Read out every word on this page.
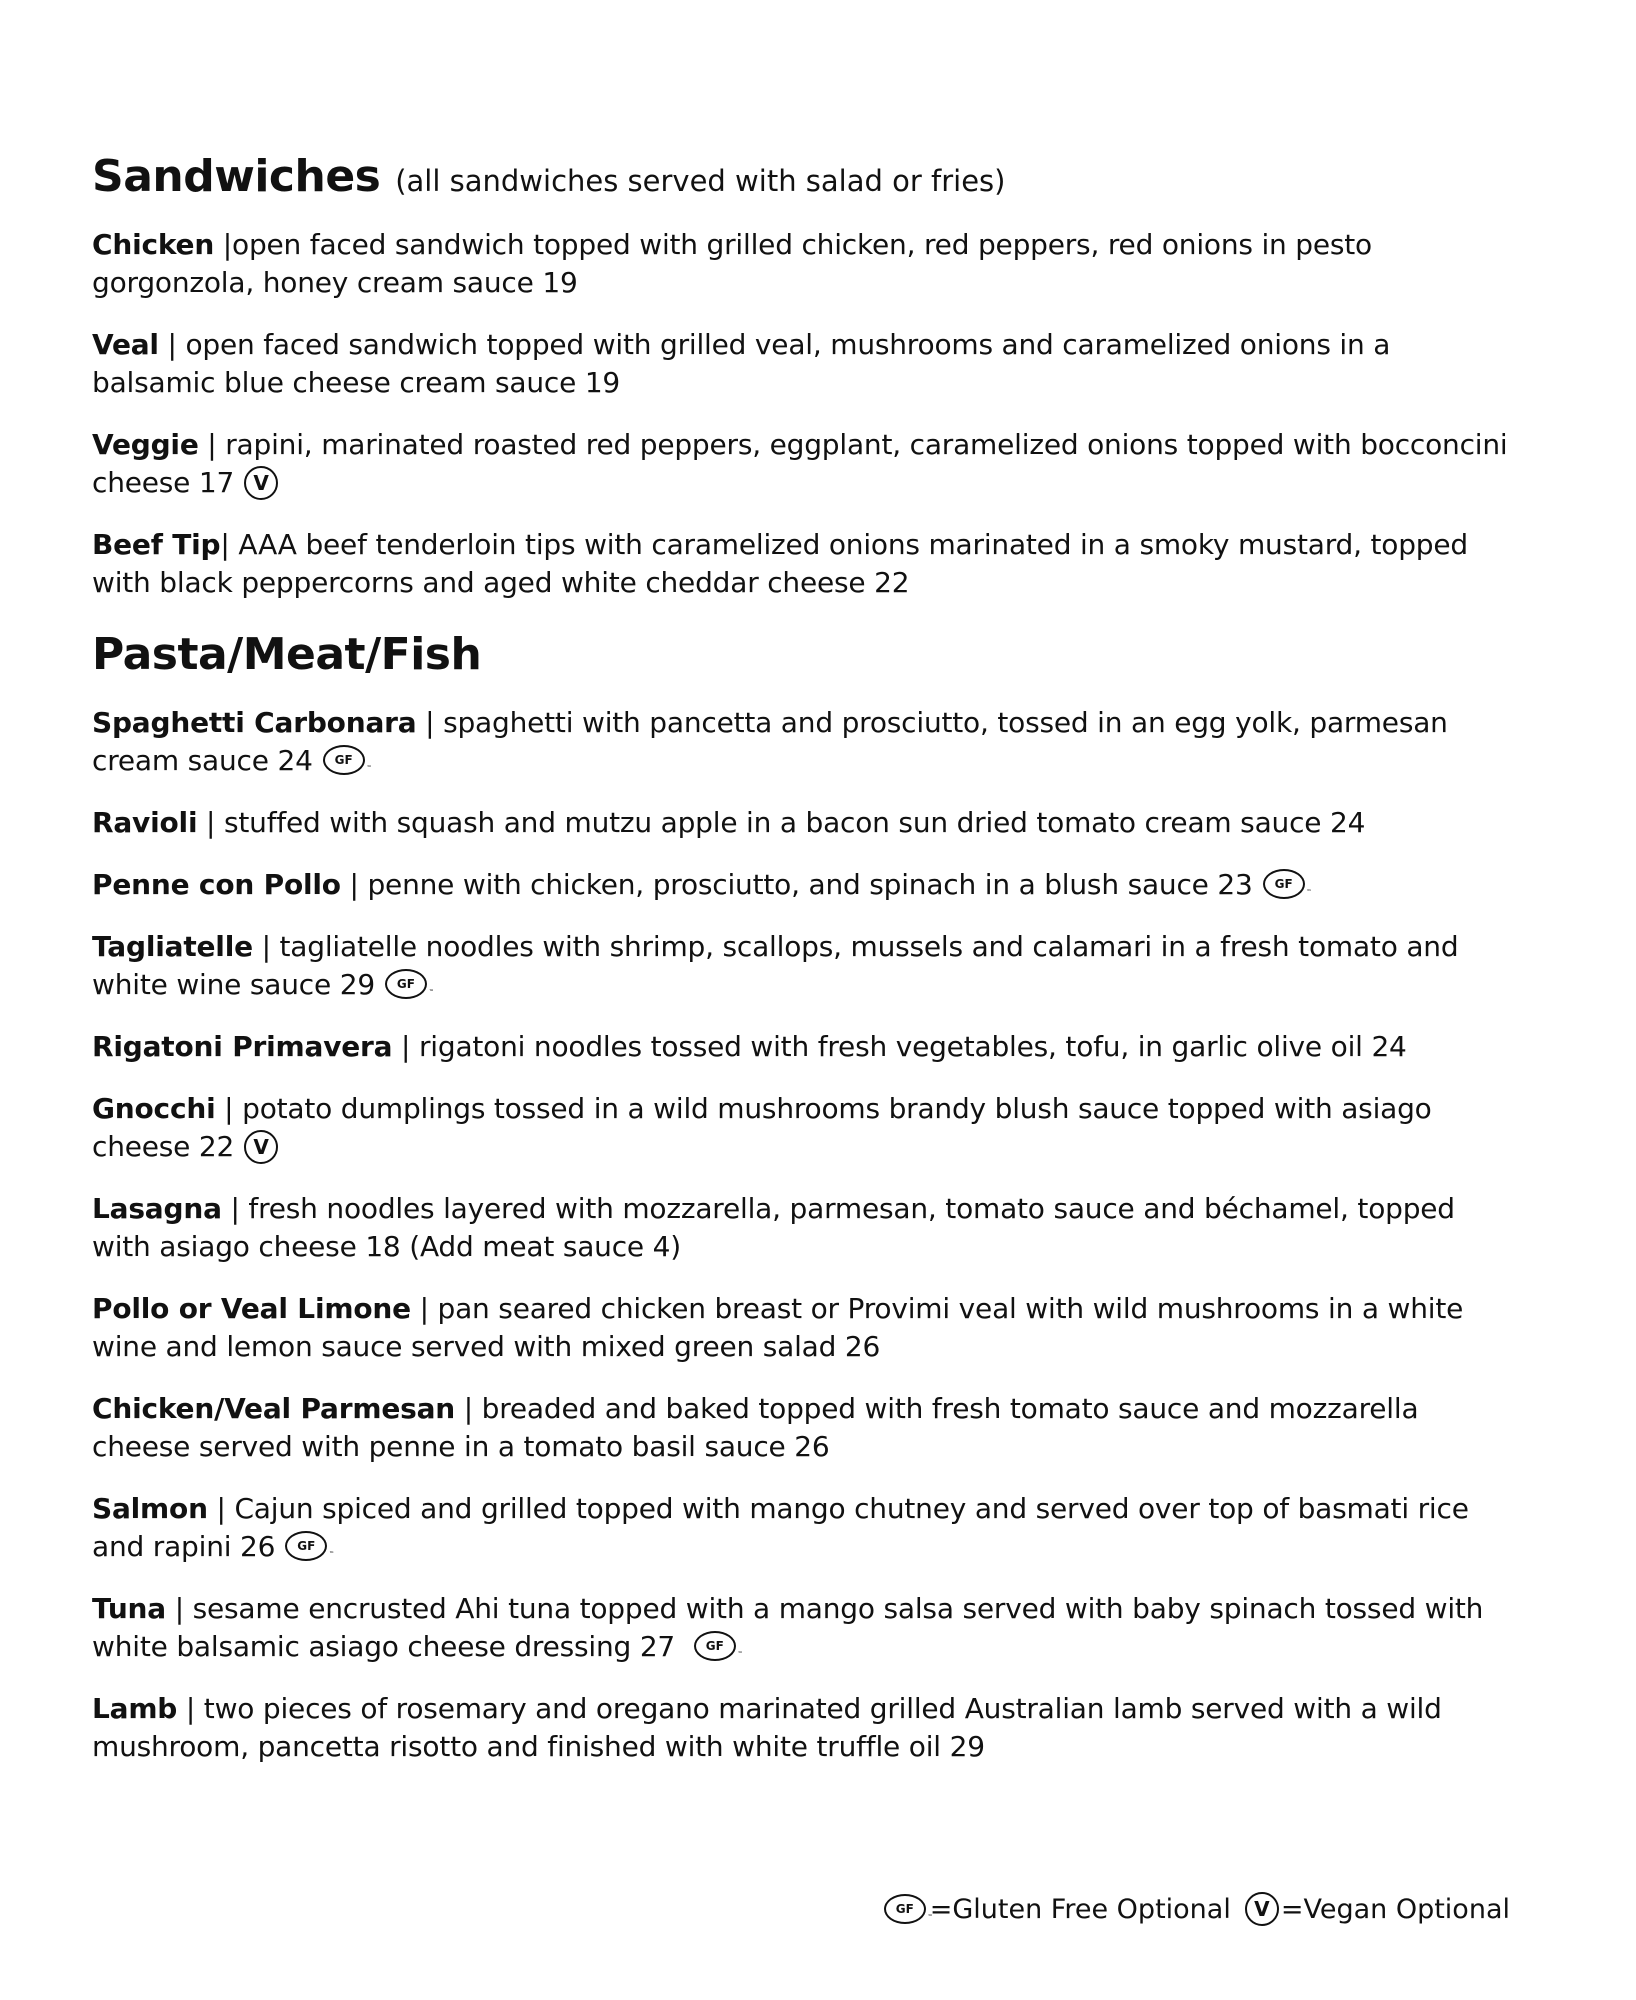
Sandwiches (all sandwiches served with salad or fries)
Chicken |open faced sandwich topped with grilled chicken, red peppers, red onions in pesto gorgonzola, honey cream sauce 19
Veal | open faced sandwich topped with grilled veal, mushrooms and caramelized onions in a balsamic blue cheese cream sauce 19
Veggie | rapini, marinated roasted red peppers, eggplant, caramelized onions topped with bocconcini cheese 17 V
Beef Tip| AAA beef tenderloin tips with caramelized onions marinated in a smoky mustard, topped with black peppercorns and aged white cheddar cheese 22
Pasta/Meat/Fish
Spaghetti Carbonara | spaghetti with pancetta and prosciutto, tossed in an egg yolk, parmesan cream sauce 24 GF ™
Ravioli | stuffed with squash and mutzu apple in a bacon sun dried tomato cream sauce 24
Penne con Pollo | penne with chicken, prosciutto, and spinach in a blush sauce 23 GF ™
Tagliatelle | tagliatelle noodles with shrimp, scallops, mussels and calamari in a fresh tomato and white wine sauce 29 GF ™
Rigatoni Primavera | rigatoni noodles tossed with fresh vegetables, tofu, in garlic olive oil 24
Gnocchi | potato dumplings tossed in a wild mushrooms brandy blush sauce topped with asiago cheese 22 V
Lasagna | fresh noodles layered with mozzarella, parmesan, tomato sauce and béchamel, topped with asiago cheese 18 (Add meat sauce 4)
Pollo or Veal Limone | pan seared chicken breast or Provimi veal with wild mushrooms in a white wine and lemon sauce served with mixed green salad 26
Chicken/Veal Parmesan | breaded and baked topped with fresh tomato sauce and mozzarella cheese served with penne in a tomato basil sauce 26
Salmon | Cajun spiced and grilled topped with mango chutney and served over top of basmati rice and rapini 26 GF ™
Tuna | sesame encrusted Ahi tuna topped with a mango salsa served with baby spinach tossed with white balsamic asiago cheese dressing 27	GF ™
Lamb | two pieces of rosemary and oregano marinated grilled Australian lamb served with a wild mushroom, pancetta risotto and finished with white truffle oil 29
GF ™ =Gluten Free Optional	V =Vegan Optional
